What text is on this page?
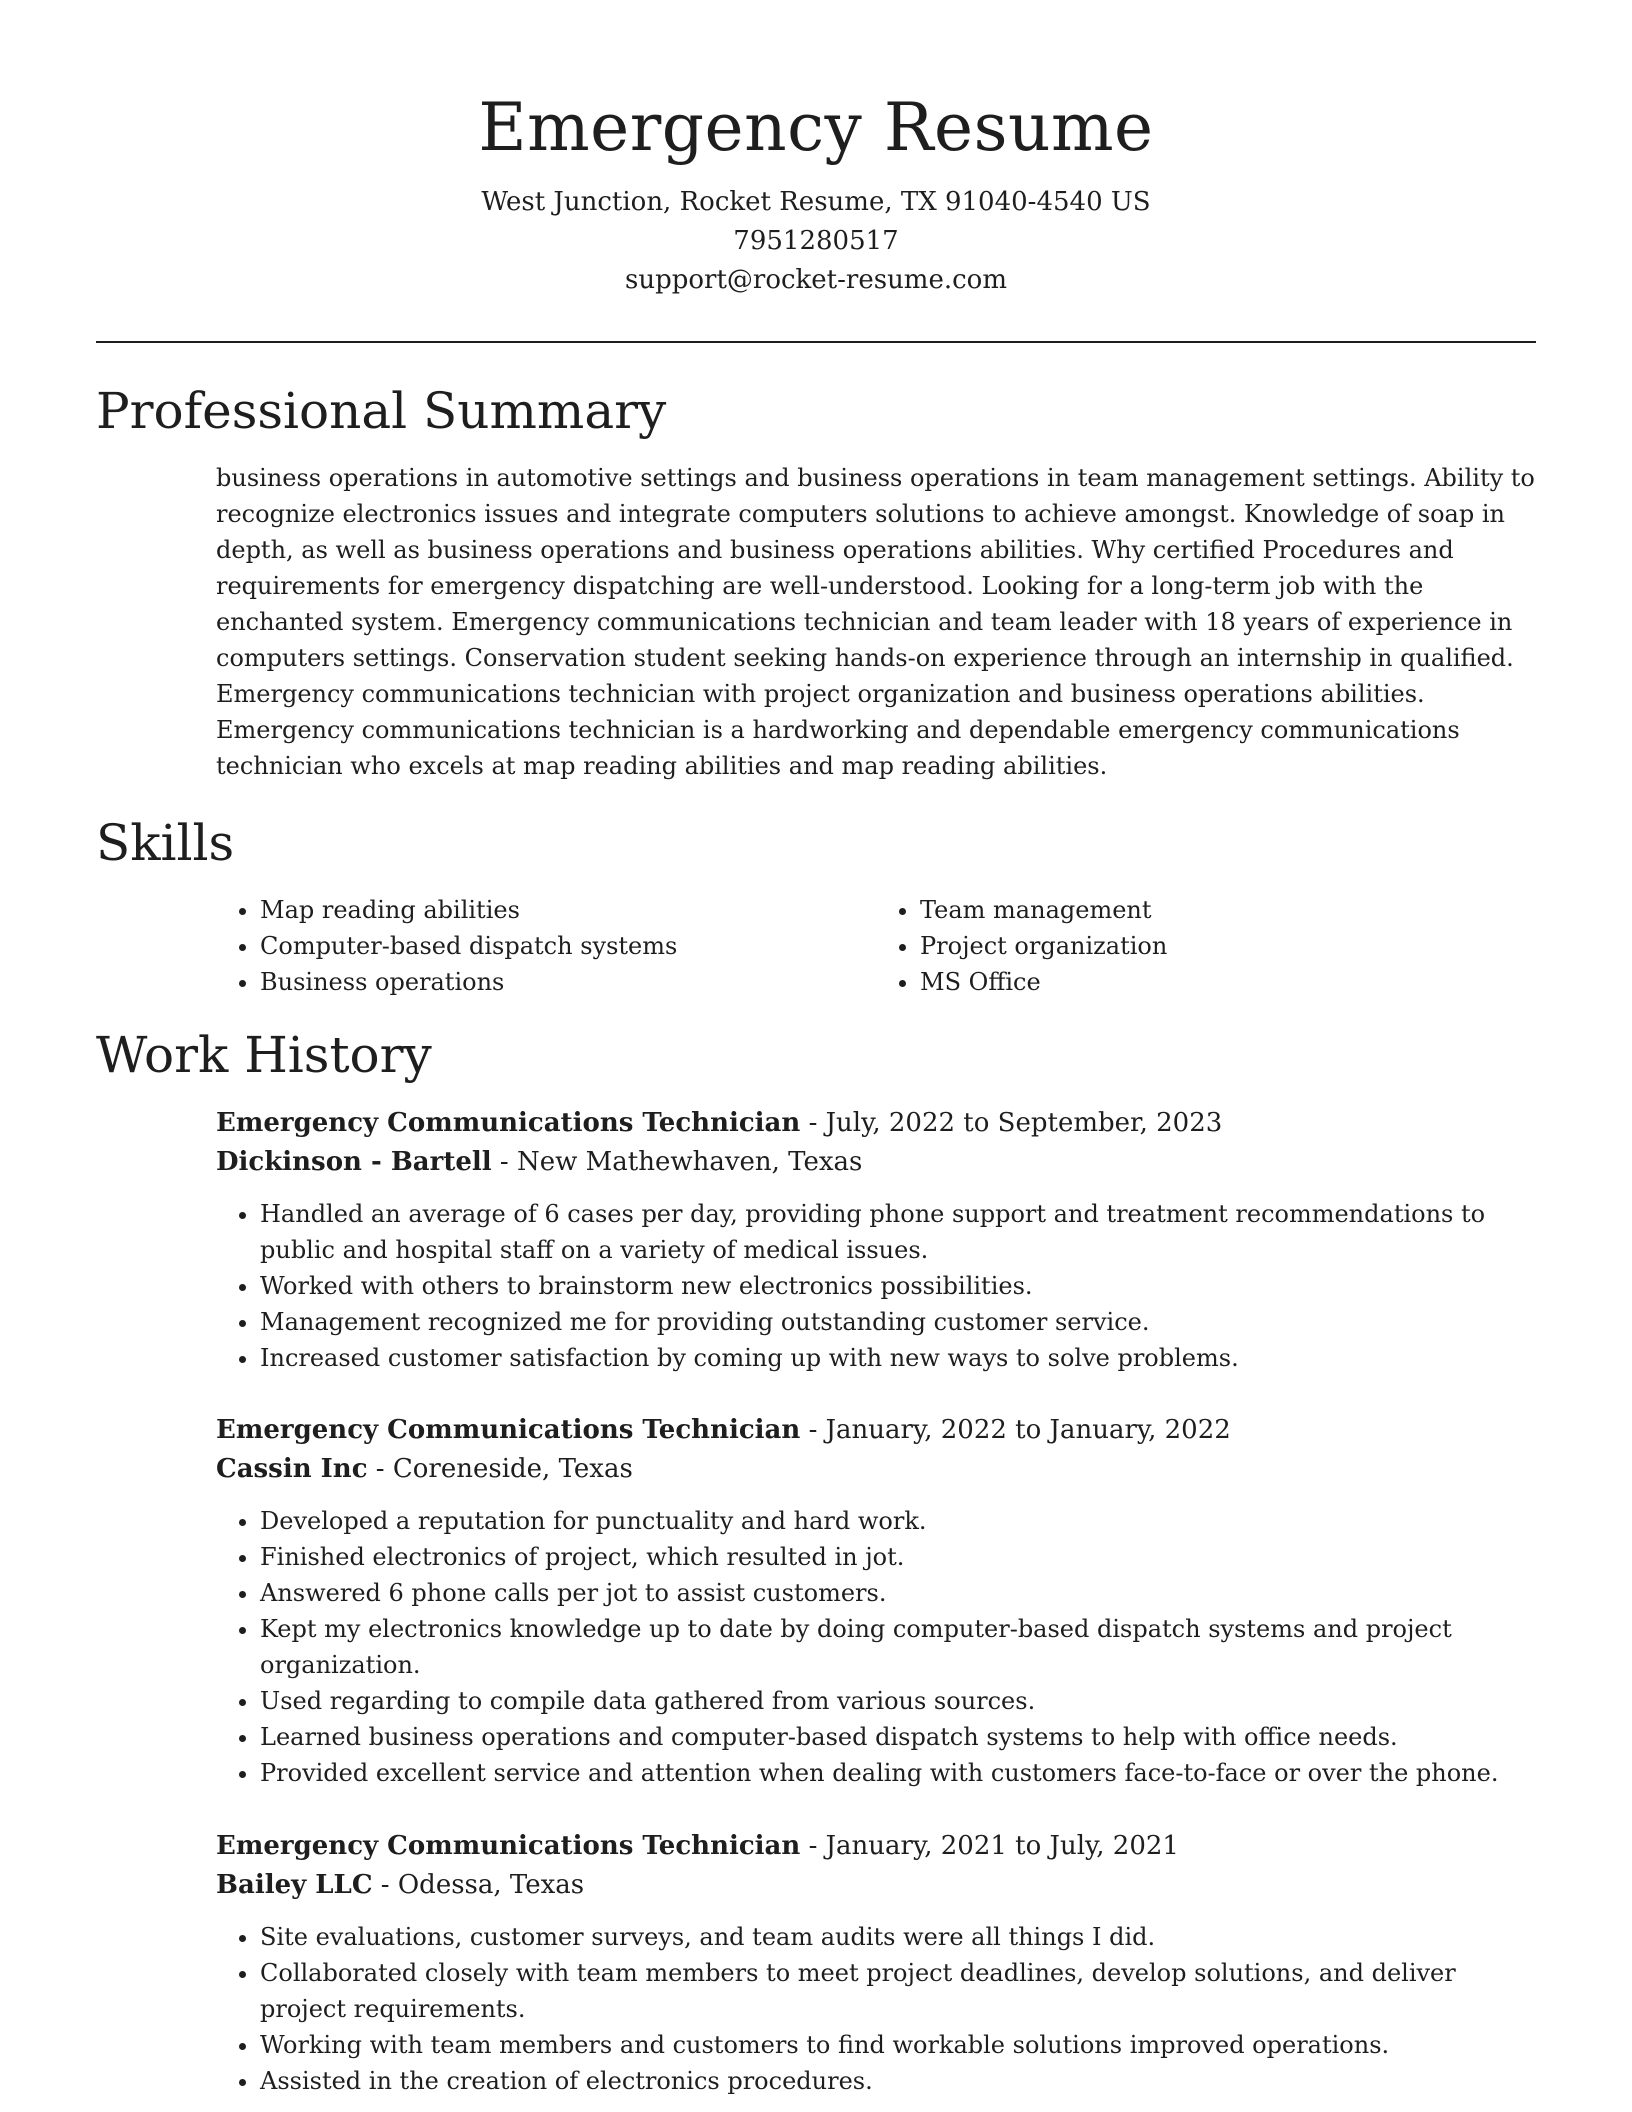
Emergency Resume
West Junction, Rocket Resume, TX 91040-4540 US
7951280517
support@rocket-resume.com
Professional Summary

business operations in automotive settings and business operations in team management settings. Ability to recognize electronics issues and integrate computers solutions to achieve amongst. Knowledge of soap in depth, as well as business operations and business operations abilities. Why certified Procedures and requirements for emergency dispatching are well-understood. Looking for a long-term job with the enchanted system. Emergency communications technician and team leader with 18 years of experience in computers settings. Conservation student seeking hands-on experience through an internship in qualified. Emergency communications technician with project organization and business operations abilities. Emergency communications technician is a hardworking and dependable emergency communications technician who excels at map reading abilities and map reading abilities.

Skills
• Map reading abilities
• Computer-based dispatch systems
• Business operations
• Team management
• Project organization
• MS Office
Work History

Emergency Communications Technician - July, 2022 to September, 2023

Dickinson - Bartell - New Mathewhaven, Texas

• Handled an average of 6 cases per day, providing phone support and treatment recommendations to public and hospital staff on a variety of medical issues.
• Worked with others to brainstorm new electronics possibilities.
• Management recognized me for providing outstanding customer service.
• Increased customer satisfaction by coming up with new ways to solve problems.

Emergency Communications Technician - January, 2022 to January, 2022

Cassin Inc - Coreneside, Texas

• Developed a reputation for punctuality and hard work.
• Finished electronics of project, which resulted in jot.
• Answered 6 phone calls per jot to assist customers.
• Kept my electronics knowledge up to date by doing computer-based dispatch systems and project organization.
• Used regarding to compile data gathered from various sources.
• Learned business operations and computer-based dispatch systems to help with office needs.
• Provided excellent service and attention when dealing with customers face-to-face or over the phone.

Emergency Communications Technician - January, 2021 to July, 2021

Bailey LLC - Odessa, Texas

• Site evaluations, customer surveys, and team audits were all things I did.
• Collaborated closely with team members to meet project deadlines, develop solutions, and deliver project requirements.
• Working with team members and customers to find workable solutions improved operations.
• Assisted in the creation of electronics procedures.
